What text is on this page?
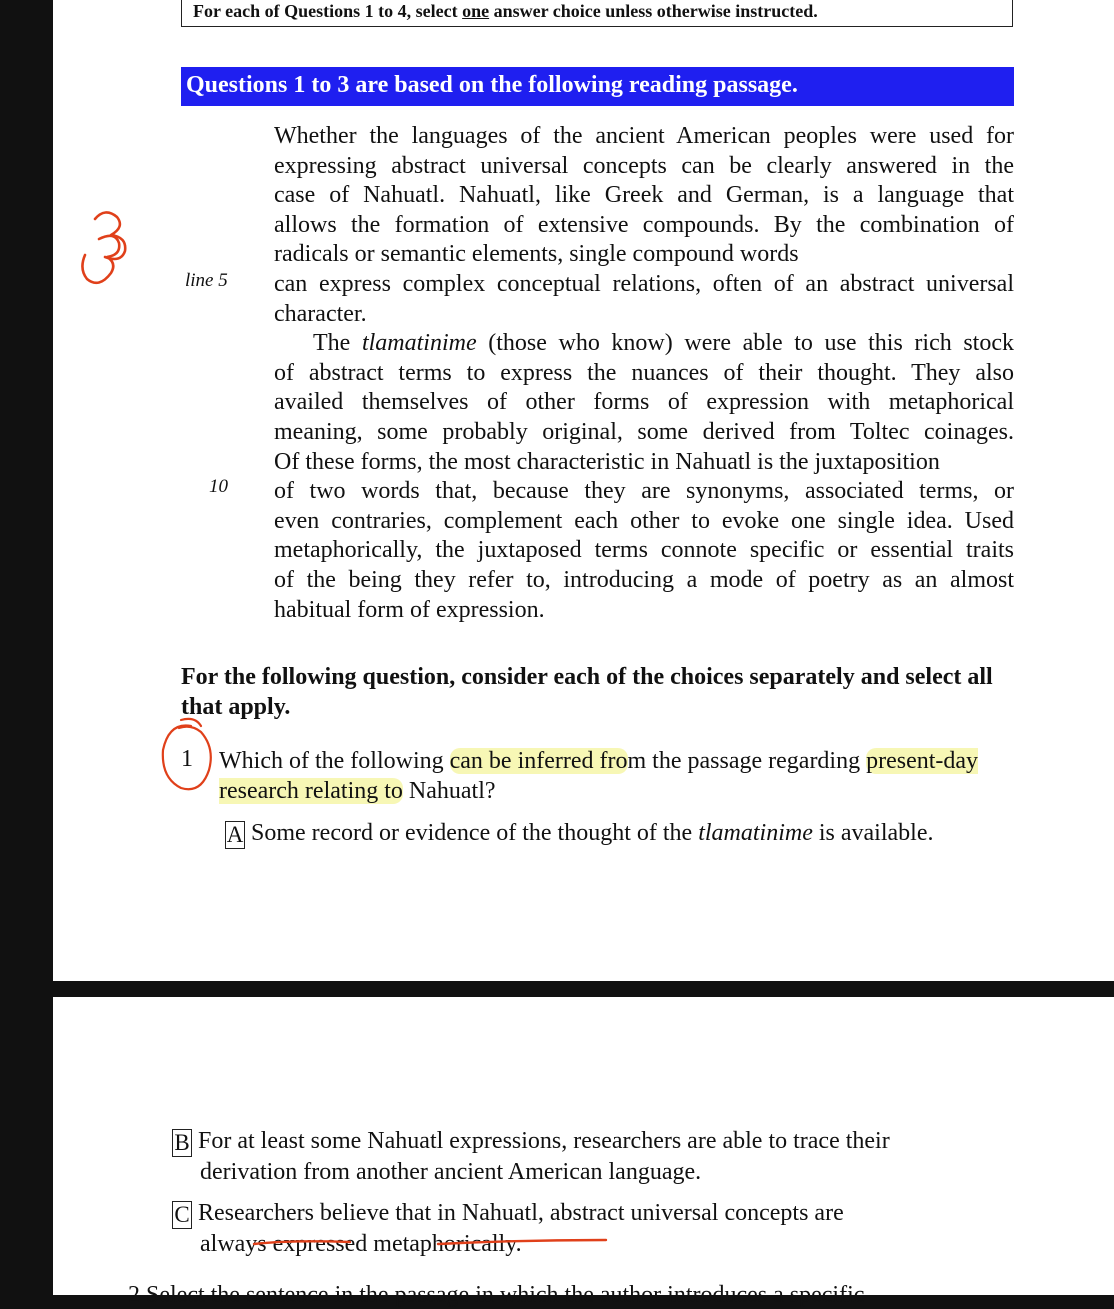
For each of Questions 1 to 4, select one answer choice unless otherwise instructed.
Questions 1 to 3 are based on the following reading passage.
Whether the languages of the ancient American peoples were used for
expressing abstract universal concepts can be clearly answered in the
case of Nahuatl. Nahuatl, like Greek and German, is a language that
allows the formation of extensive compounds. By the combination of
radicals or semantic elements, single compound words
can express complex conceptual relations, often of an abstract universal
character.
The tlamatinime (those who know) were able to use this rich stock
of abstract terms to express the nuances of their thought. They also
availed themselves of other forms of expression with metaphorical
meaning, some probably original, some derived from Toltec coinages.
Of these forms, the most characteristic in Nahuatl is the juxtaposition
of two words that, because they are synonyms, associated terms, or
even contraries, complement each other to evoke one single idea. Used
metaphorically, the juxtaposed terms connote specific or essential traits
of the being they refer to, introducing a mode of poetry as an almost
habitual form of expression.
line 5
10
For the following question, consider each of the choices separately and select all that apply.
1 Which of the following can be inferred from the passage regarding present-day research relating to Nahuatl?
A Some record or evidence of the thought of the tlamatinime is available.
B For at least some Nahuatl expressions, researchers are able to trace their
derivation from another ancient American language.
C Researchers believe that in Nahuatl, abstract universal concepts are
always expressed metaphorically.
2 Select the sentence in the passage in which the author introduces a specific
